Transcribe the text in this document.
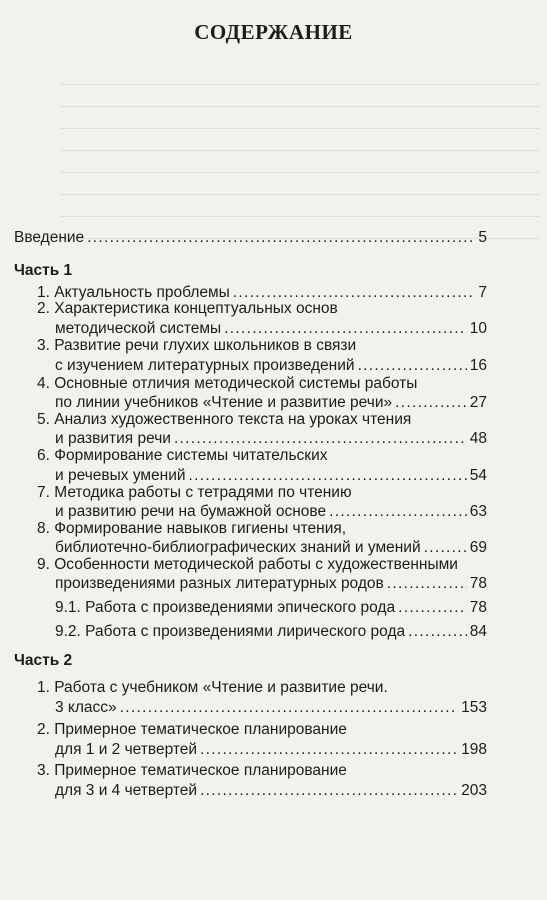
СОДЕРЖАНИЕ
Введение . . .	5
Часть 1
1. Актуальность проблемы . . .	7
2. Характеристика концептуальных основ
методической системы . . .	10
3. Развитие речи глухих школьников в связи
с изучением литературных произведений . . .	16
4. Основные отличия методической системы работы
по линии учебников «Чтение и развитие речи» . . .	27
5. Анализ художественного текста на уроках чтения
и развития речи . . .	48
6. Формирование системы читательских
и речевых умений . . .	54
7. Методика работы с тетрадями по чтению
и развитию речи на бумажной основе . . .	63
8. Формирование навыков гигиены чтения,
библиотечно-библиографических знаний и умений . . .	69
9. Особенности методической работы с художественными
произведениями разных литературных родов . . .	78
9.1. Работа с произведениями эпического рода . . .	78
9.2. Работа с произведениями лирического рода . . .	84
Часть 2
1. Работа с учебником «Чтение и развитие речи.
3 класс» . . .	153
2. Примерное тематическое планирование
для 1 и 2 четвертей . . .	198
3. Примерное тематическое планирование
для 3 и 4 четвертей . . .	203
